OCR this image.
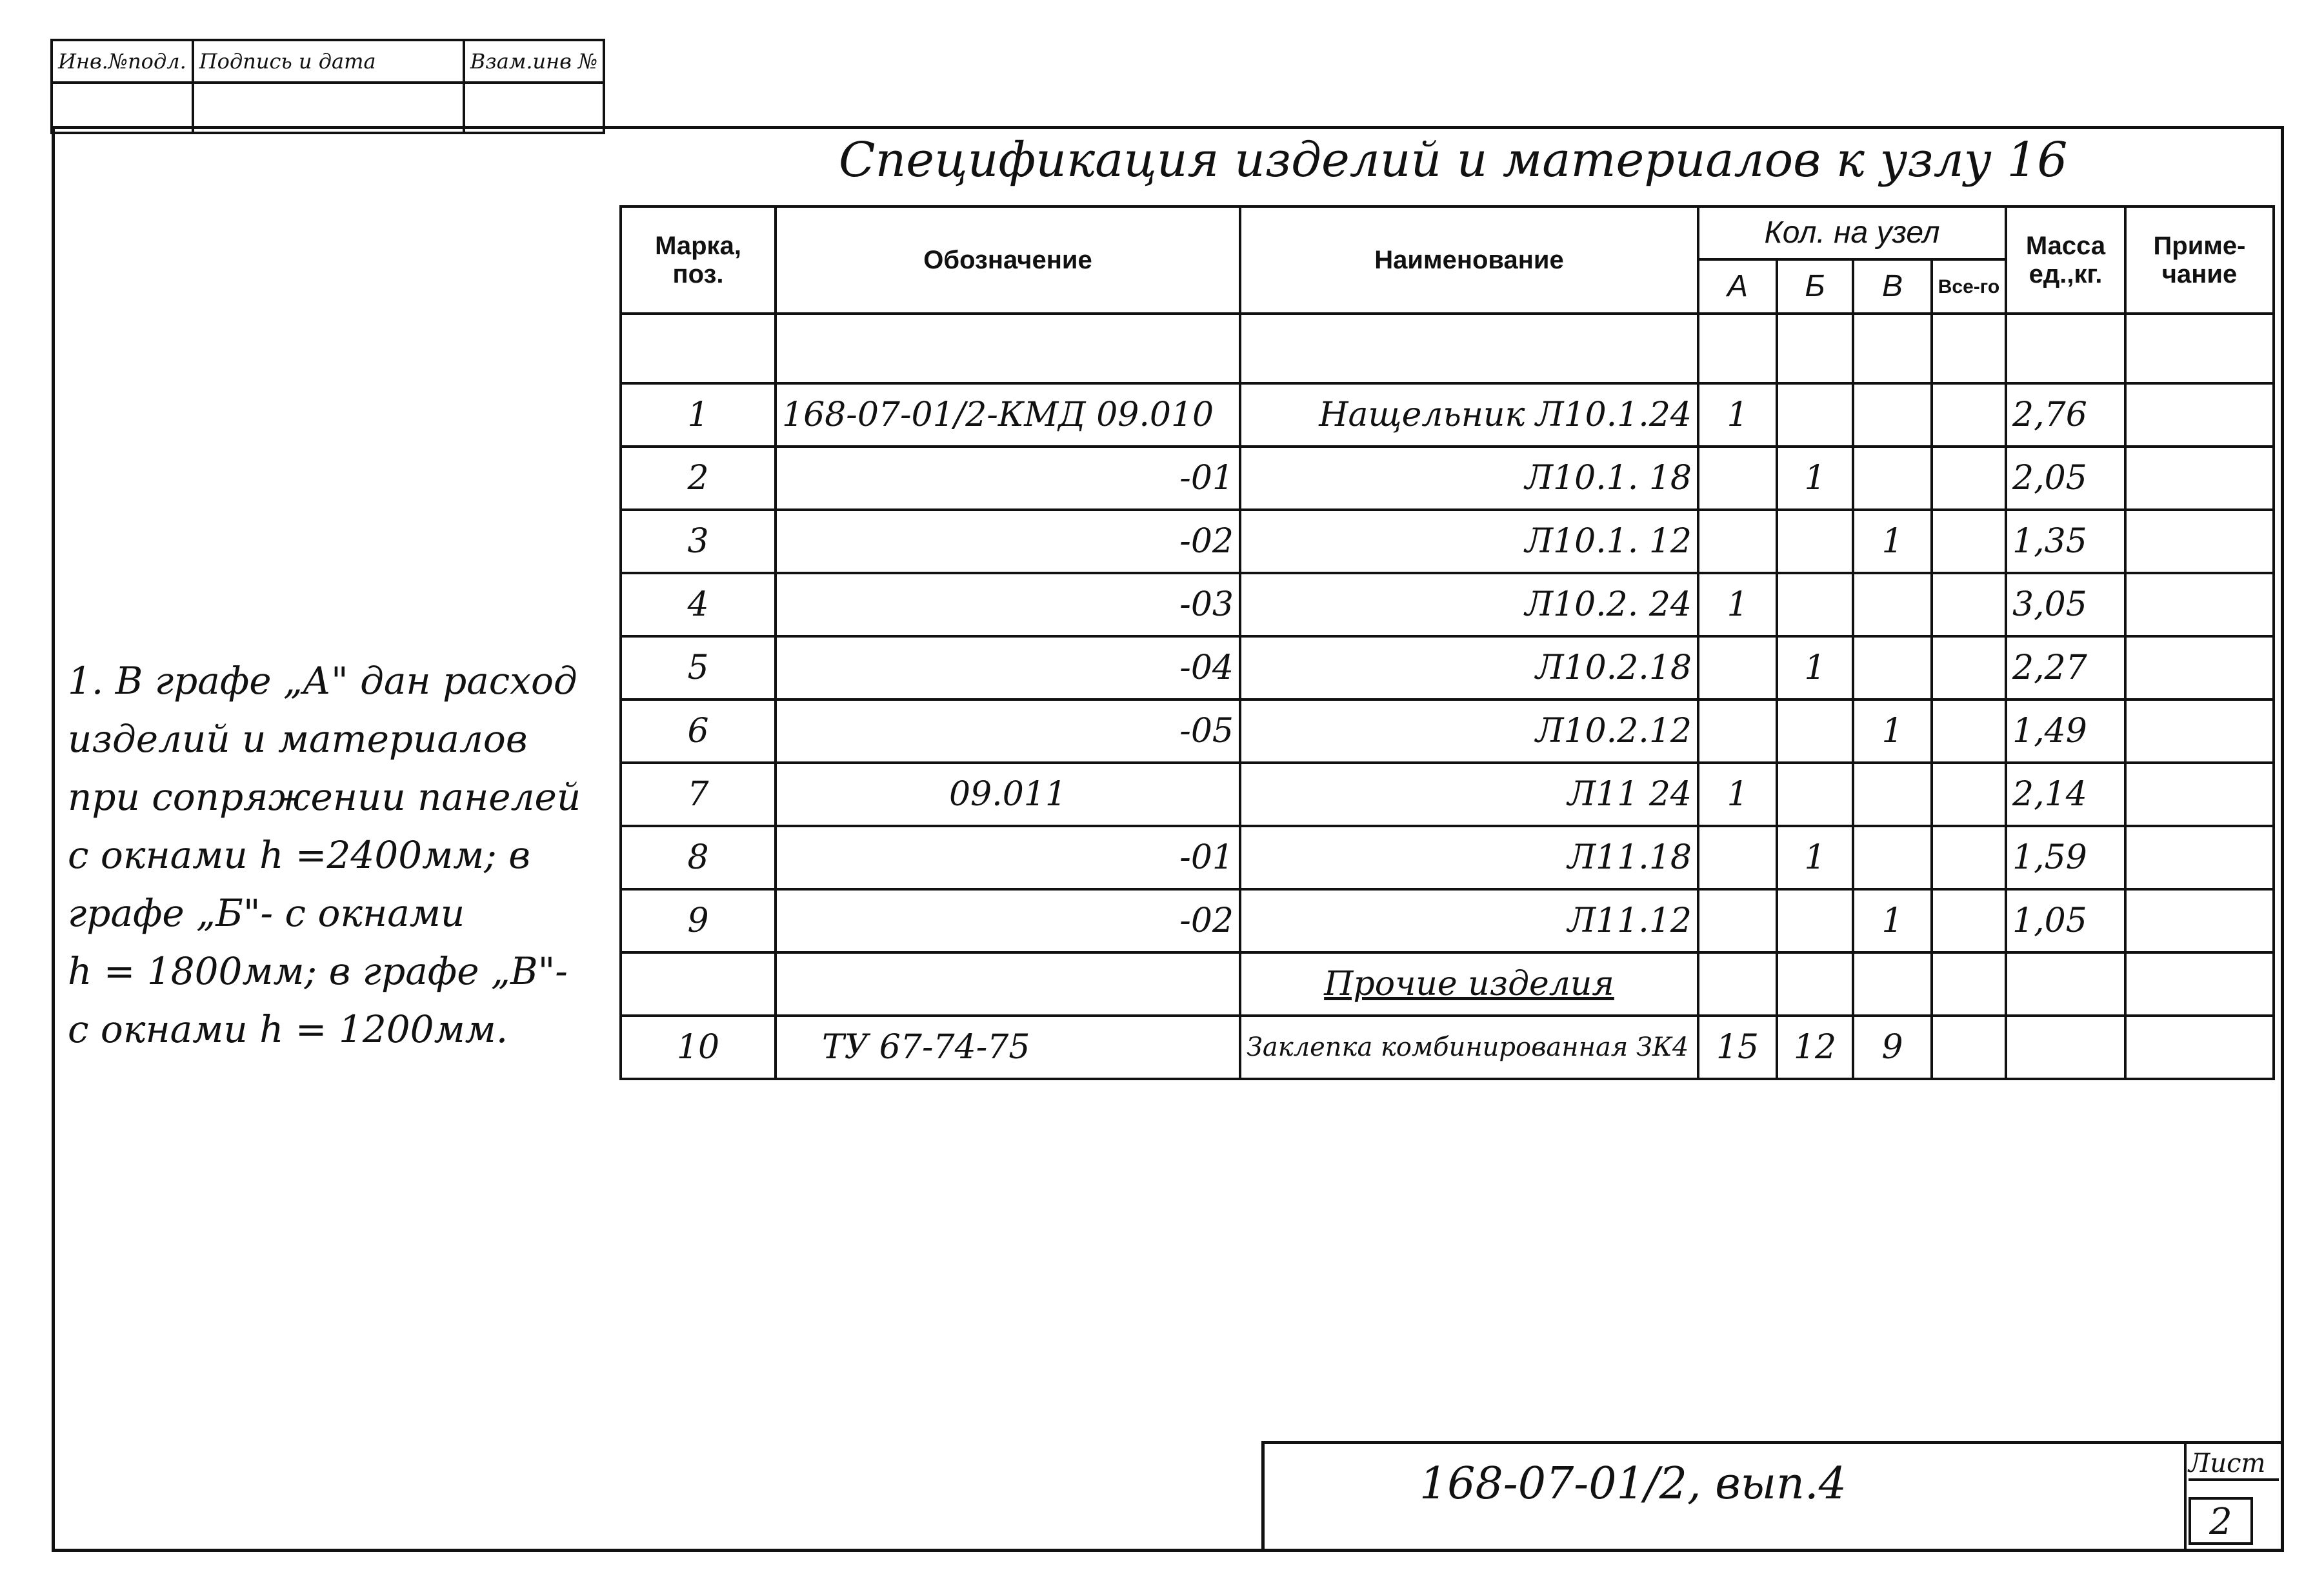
Инв.№подл.	Подпись и дата	Взам.инв №

Спецификация изделий и материалов к узлу 16
Марка, поз.	Обозначение	Наименование	Кол. на узел				Масса ед.,кг.	Приме-чание
			А	Б	В	Все-го		

1	168-07-01/2-КМД 09.010	Нащельник Л10.1.24	1				2,76	
2	-01	Л10.1. 18		1			2,05	
3	-02	Л10.1. 12			1		1,35	
4	-03	Л10.2. 24	1				3,05	
5	-04	Л10.2.18		1			2,27	
6	-05	Л10.2.12			1		1,49	
7	09.011	Л11 24	1				2,14	
8	-01	Л11.18		1			1,59	
9	-02	Л11.12			1		1,05	
		Прочие изделия						
10	ТУ 67-74-75	Заклепка комбинированная ЗК4	15	12	9			
1. В графе „А" дан расход
изделий и материалов
при сопряжении панелей
с окнами h =2400мм; в
графе „Б"- с окнами
h = 1800мм; в графе „В"-
с окнами h = 1200мм.
168-07-01/2, вып.4	Лист
2
